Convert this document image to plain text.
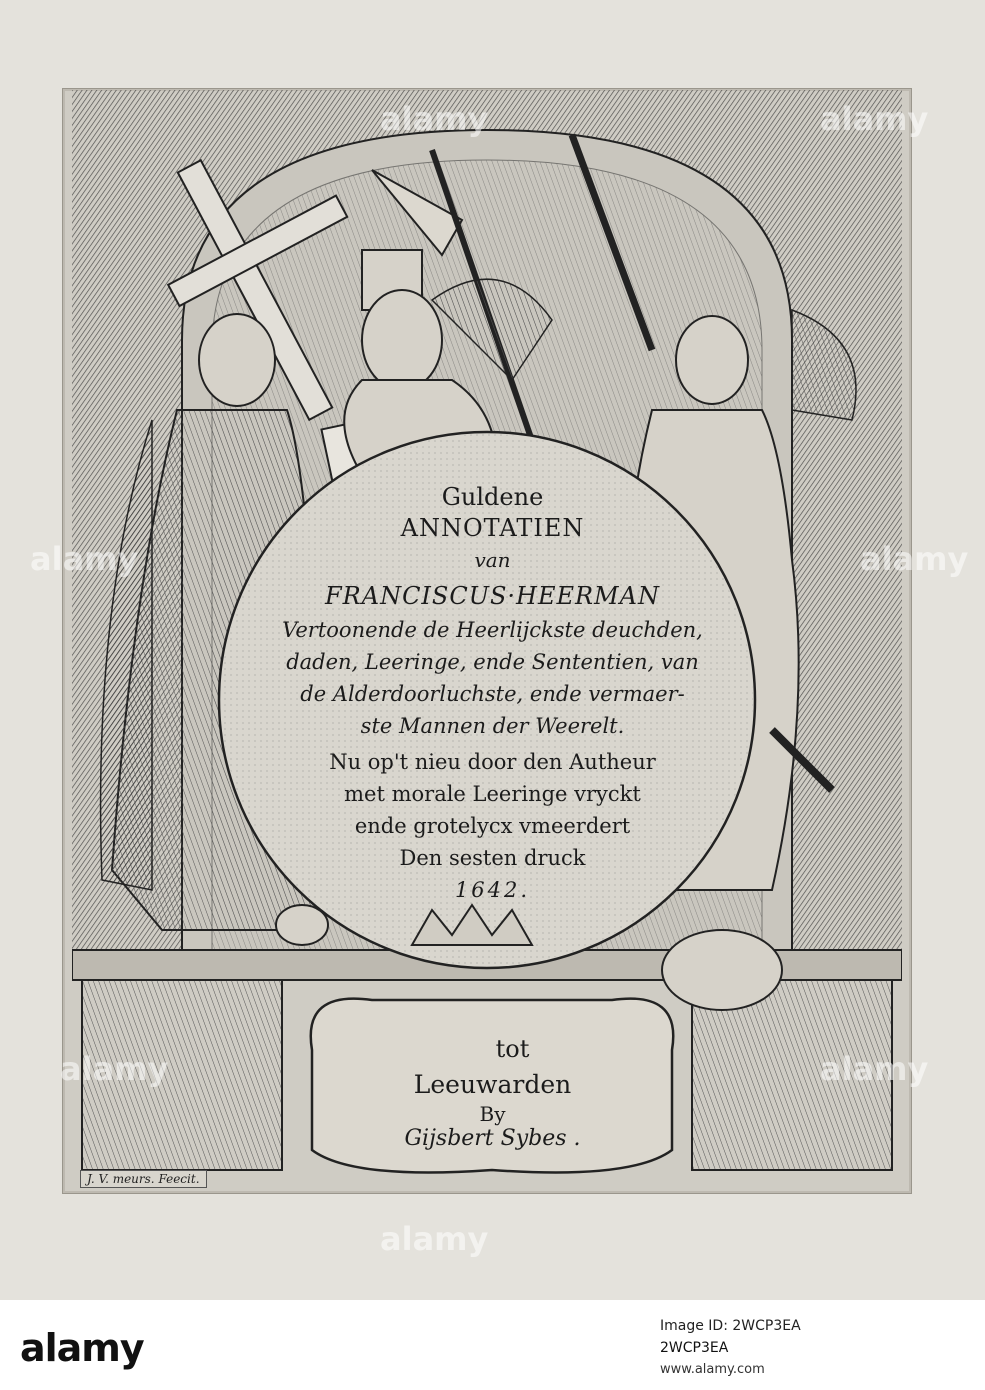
Guldene
ANNOTATIEN
van
FRANCISCUS·HEERMAN
Vertoonende de Heerlijckste deuchden,
daden, Leeringe, ende Sententien, van
de Alderdoorluchste, ende vermaer-
ste Mannen der Weerelt.
Nu op't nieu door den Autheur
met morale Leeringe vryckt
ende grotelycx vmeerdert
Den sesten druck
1642.
tot
Leeuwarden
By
Gijsbert Sybes .
J. V. meurs. Feecit.
alamy
alamy
alamy
alamy
alamy	alamy
alamy
alamy	Image ID: 2WCP3EA
2WCP3EA
www.alamy.com
